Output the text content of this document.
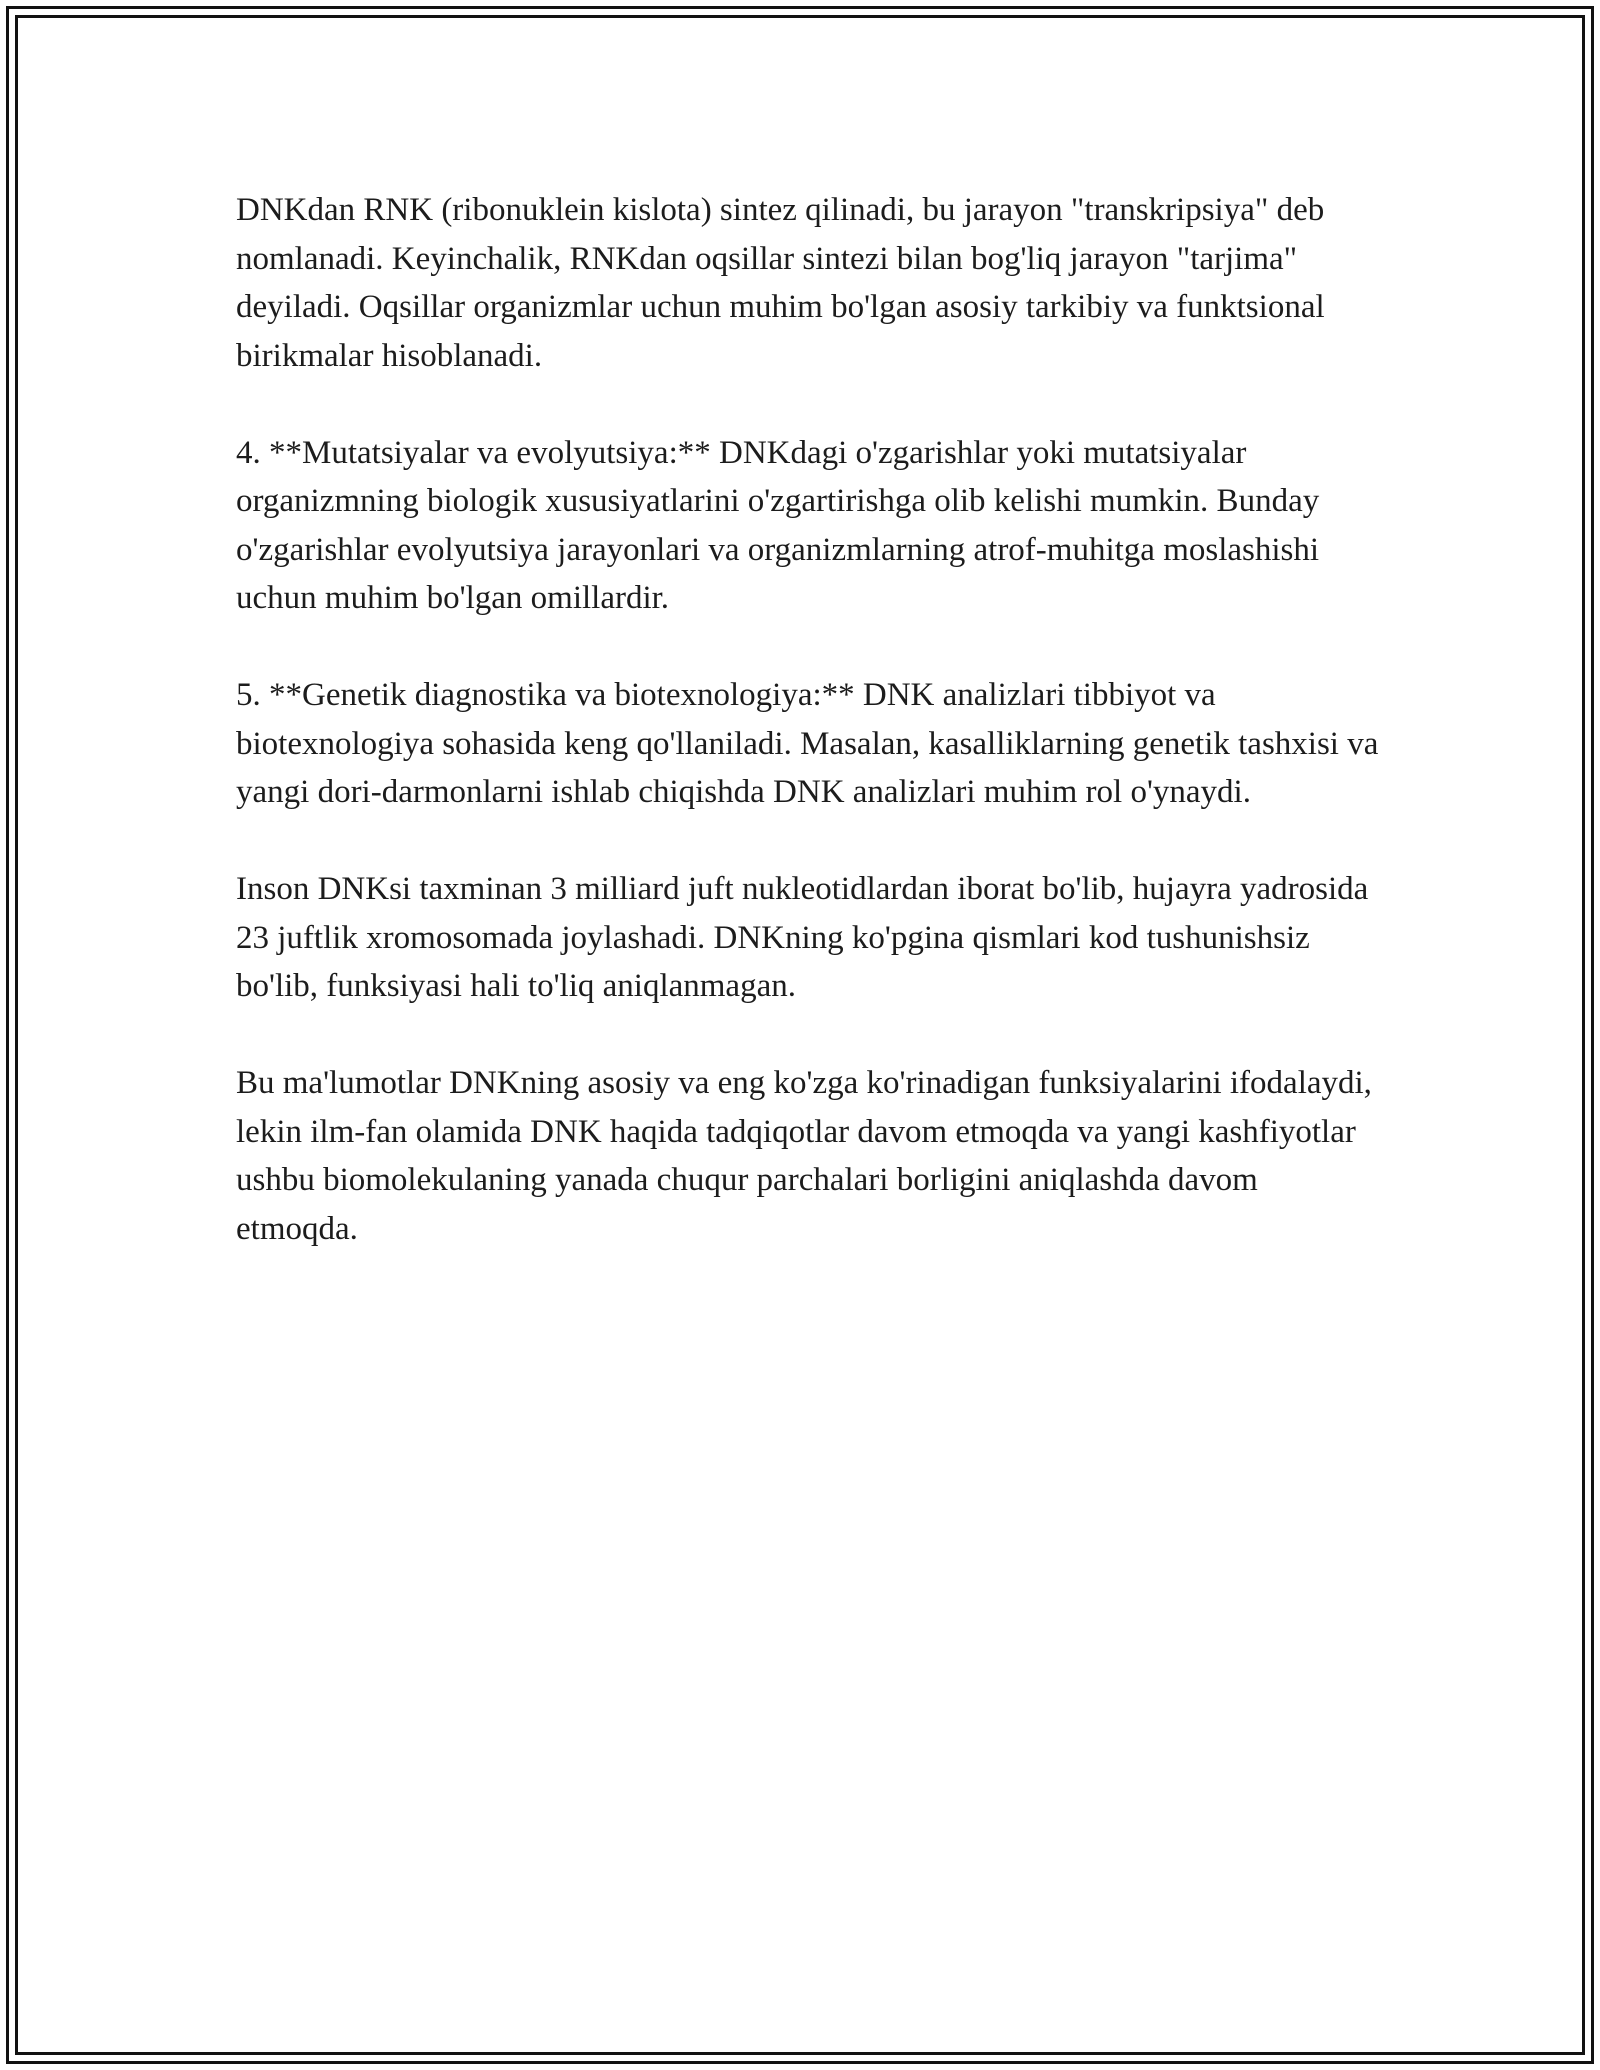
DNKdan RNK (ribonuklein kislota) sintez qilinadi, bu jarayon "transkripsiya" deb nomlanadi. Keyinchalik, RNKdan oqsillar sintezi bilan bog'liq jarayon "tarjima" deyiladi. Oqsillar organizmlar uchun muhim bo'lgan asosiy tarkibiy va funktsional birikmalar hisoblanadi.

4. **Mutatsiyalar va evolyutsiya:** DNKdagi o'zgarishlar yoki mutatsiyalar organizmning biologik xususiyatlarini o'zgartirishga olib kelishi mumkin. Bunday o'zgarishlar evolyutsiya jarayonlari va organizmlarning atrof-muhitga moslashishi uchun muhim bo'lgan omillardir.

5. **Genetik diagnostika va biotexnologiya:** DNK analizlari tibbiyot va biotexnologiya sohasida keng qo'llaniladi. Masalan, kasalliklarning genetik tashxisi va yangi dori-darmonlarni ishlab chiqishda DNK analizlari muhim rol o'ynaydi.

Inson DNKsi taxminan 3 milliard juft nukleotidlardan iborat bo'lib, hujayra yadrosida 23 juftlik xromosomada joylashadi. DNKning ko'pgina qismlari kod tushunishsiz bo'lib, funksiyasi hali to'liq aniqlanmagan.

Bu ma'lumotlar DNKning asosiy va eng ko'zga ko'rinadigan funksiyalarini ifodalaydi, lekin ilm-fan olamida DNK haqida tadqiqotlar davom etmoqda va yangi kashfiyotlar ushbu biomolekulaning yanada chuqur parchalari borligini aniqlashda davom etmoqda.
